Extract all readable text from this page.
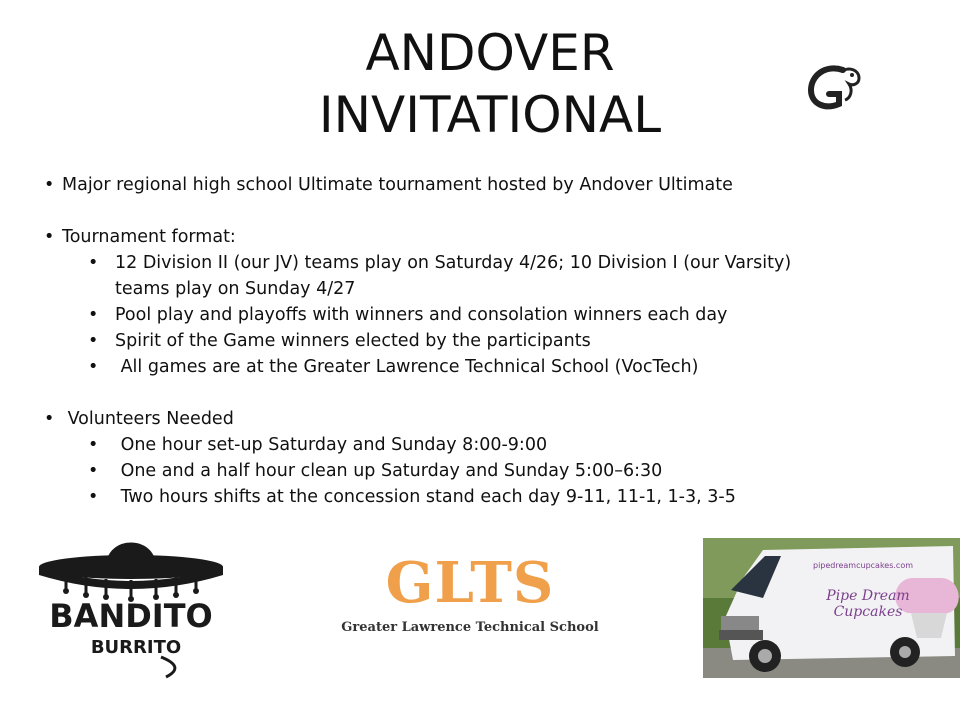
ANDOVER
INVITATIONAL
• Major regional high school Ultimate tournament hosted by Andover Ultimate
• Tournament format:
• 12 Division II (our JV) teams play on Saturday 4/26; 10 Division I (our Varsity) teams play on Sunday 4/27
• Pool play and playoffs with winners and consolation winners each day
• Spirit of the Game winners elected by the participants
•  All games are at the Greater Lawrence Technical School (VocTech)
•  Volunteers Needed
•  One hour set-up Saturday and Sunday 8:00-9:00
•  One and a half hour clean up Saturday and Sunday 5:00–6:30
•  Two hours shifts at the concession stand each day 9-11, 11-1, 1-3, 3-5
BANDITO
BURRITO
GLTS
Greater Lawrence Technical School
pipedreamcupcakes.com
Pipe Dream
Cupcakes
